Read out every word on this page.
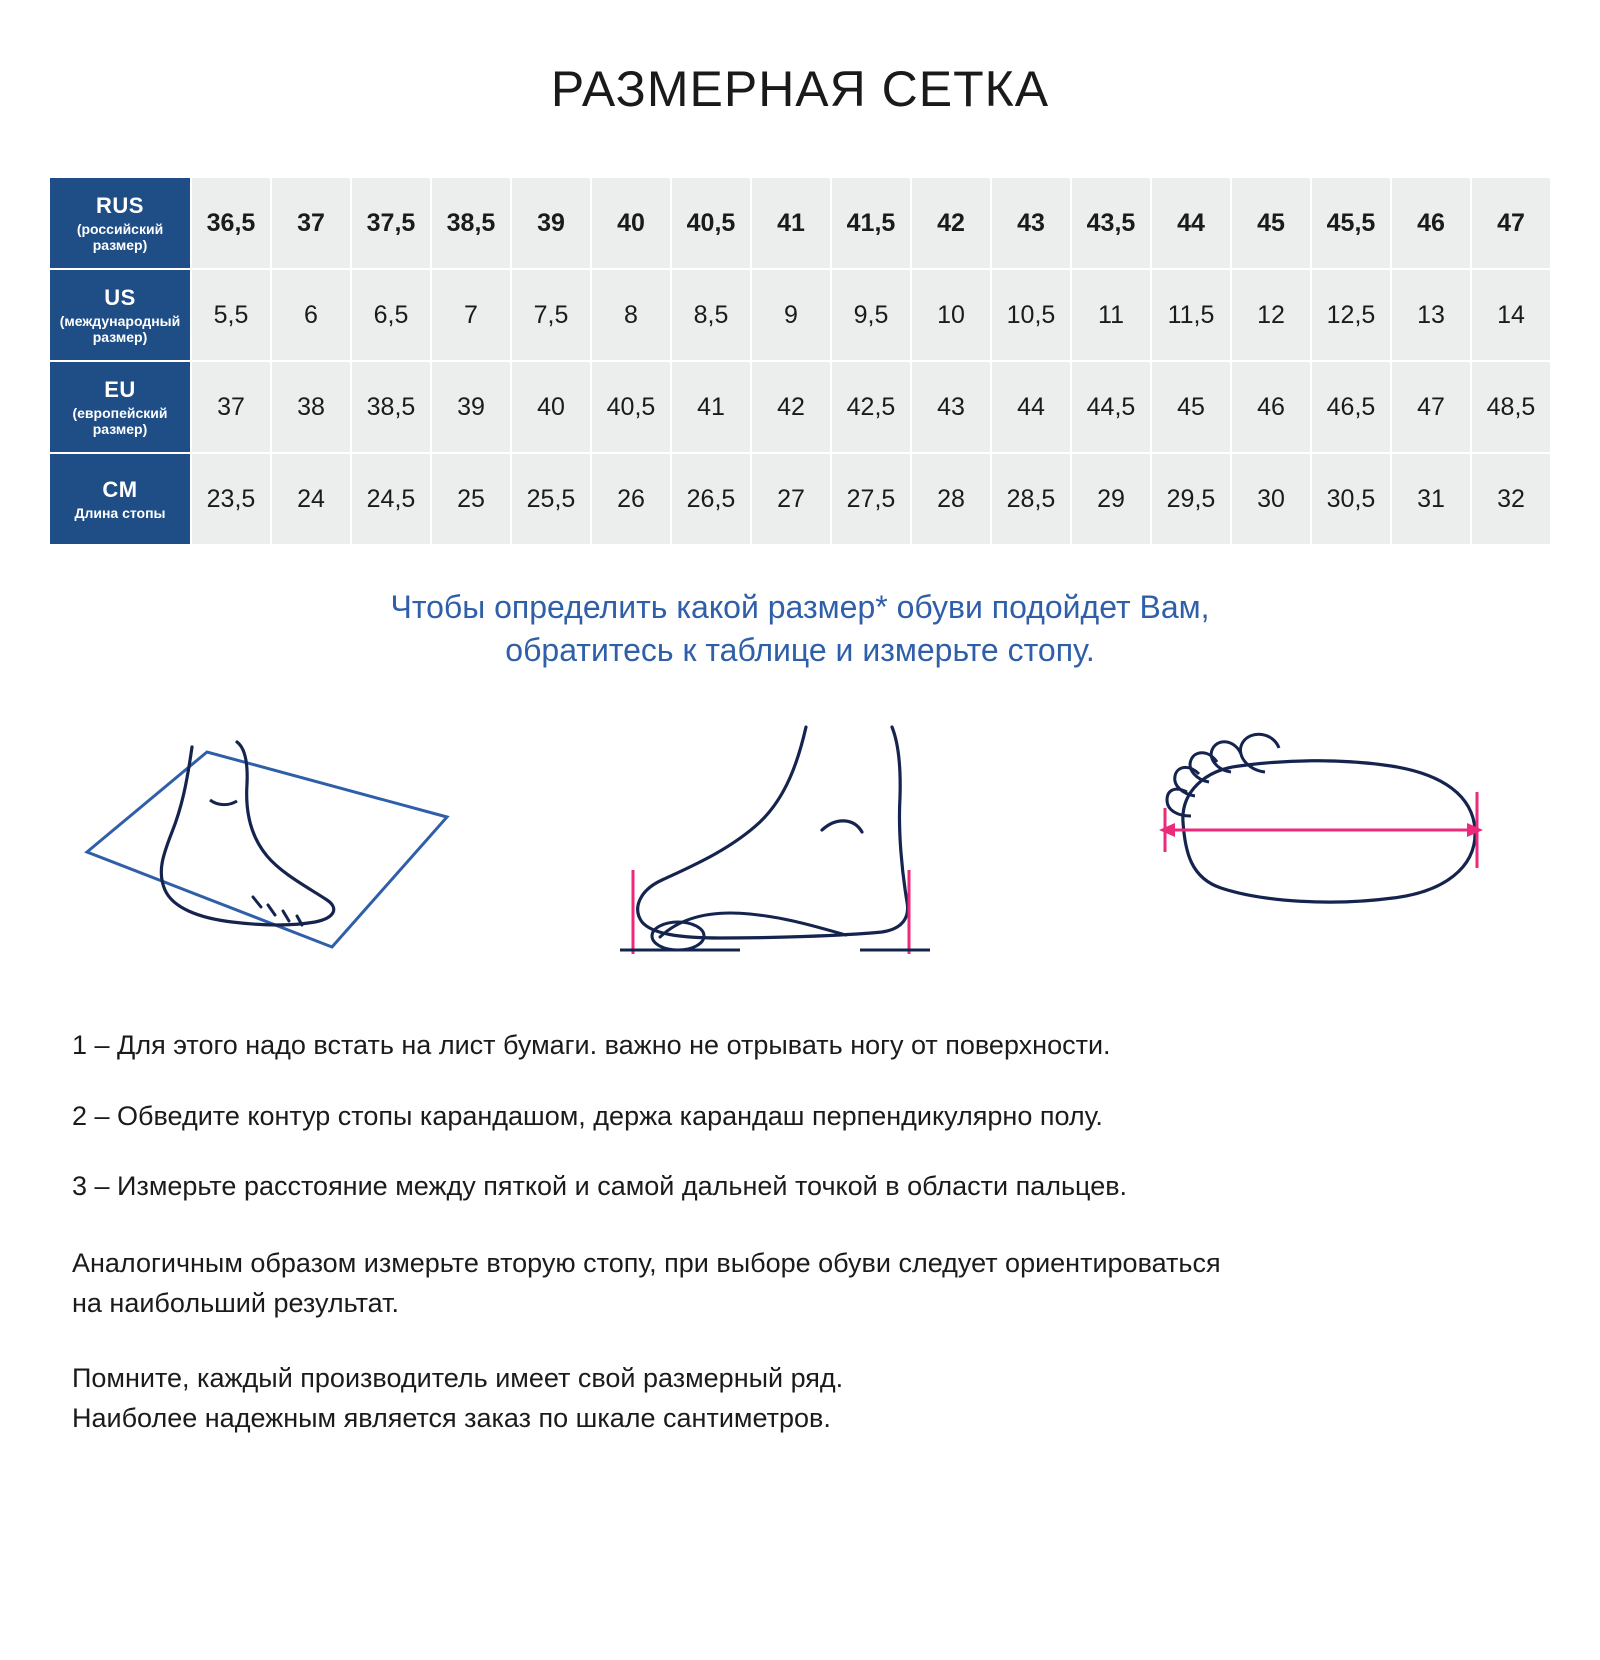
РАЗМЕРНАЯ СЕТКА
RUS
(российский размер)	36,5	37	37,5	38,5	39	40	40,5	41	41,5	42	43	43,5	44	45	45,5	46	47

US
(международный размер)	5,5	6	6,5	7	7,5	8	8,5	9	9,5	10	10,5	11	11,5	12	12,5	13	14

EU
(европейский размер)	37	38	38,5	39	40	40,5	41	42	42,5	43	44	44,5	45	46	46,5	47	48,5

CM
Длина стопы	23,5	24	24,5	25	25,5	26	26,5	27	27,5	28	28,5	29	29,5	30	30,5	31	32
Чтобы определить какой размер* обуви подойдет Вам,
обратитесь к таблице и измерьте стопу.

1 – Для этого надо встать на лист бумаги. важно не отрывать ногу от поверхности.

2 – Обведите контур стопы карандашом, держа карандаш перпендикулярно полу.

3 – Измерьте расстояние между пяткой и самой дальней точкой в области пальцев.

Аналогичным образом измерьте вторую стопу, при выборе обуви следует ориентироваться
на наибольший результат.

Помните, каждый производитель имеет свой размерный ряд.
Наиболее надежным является заказ по шкале сантиметров.
